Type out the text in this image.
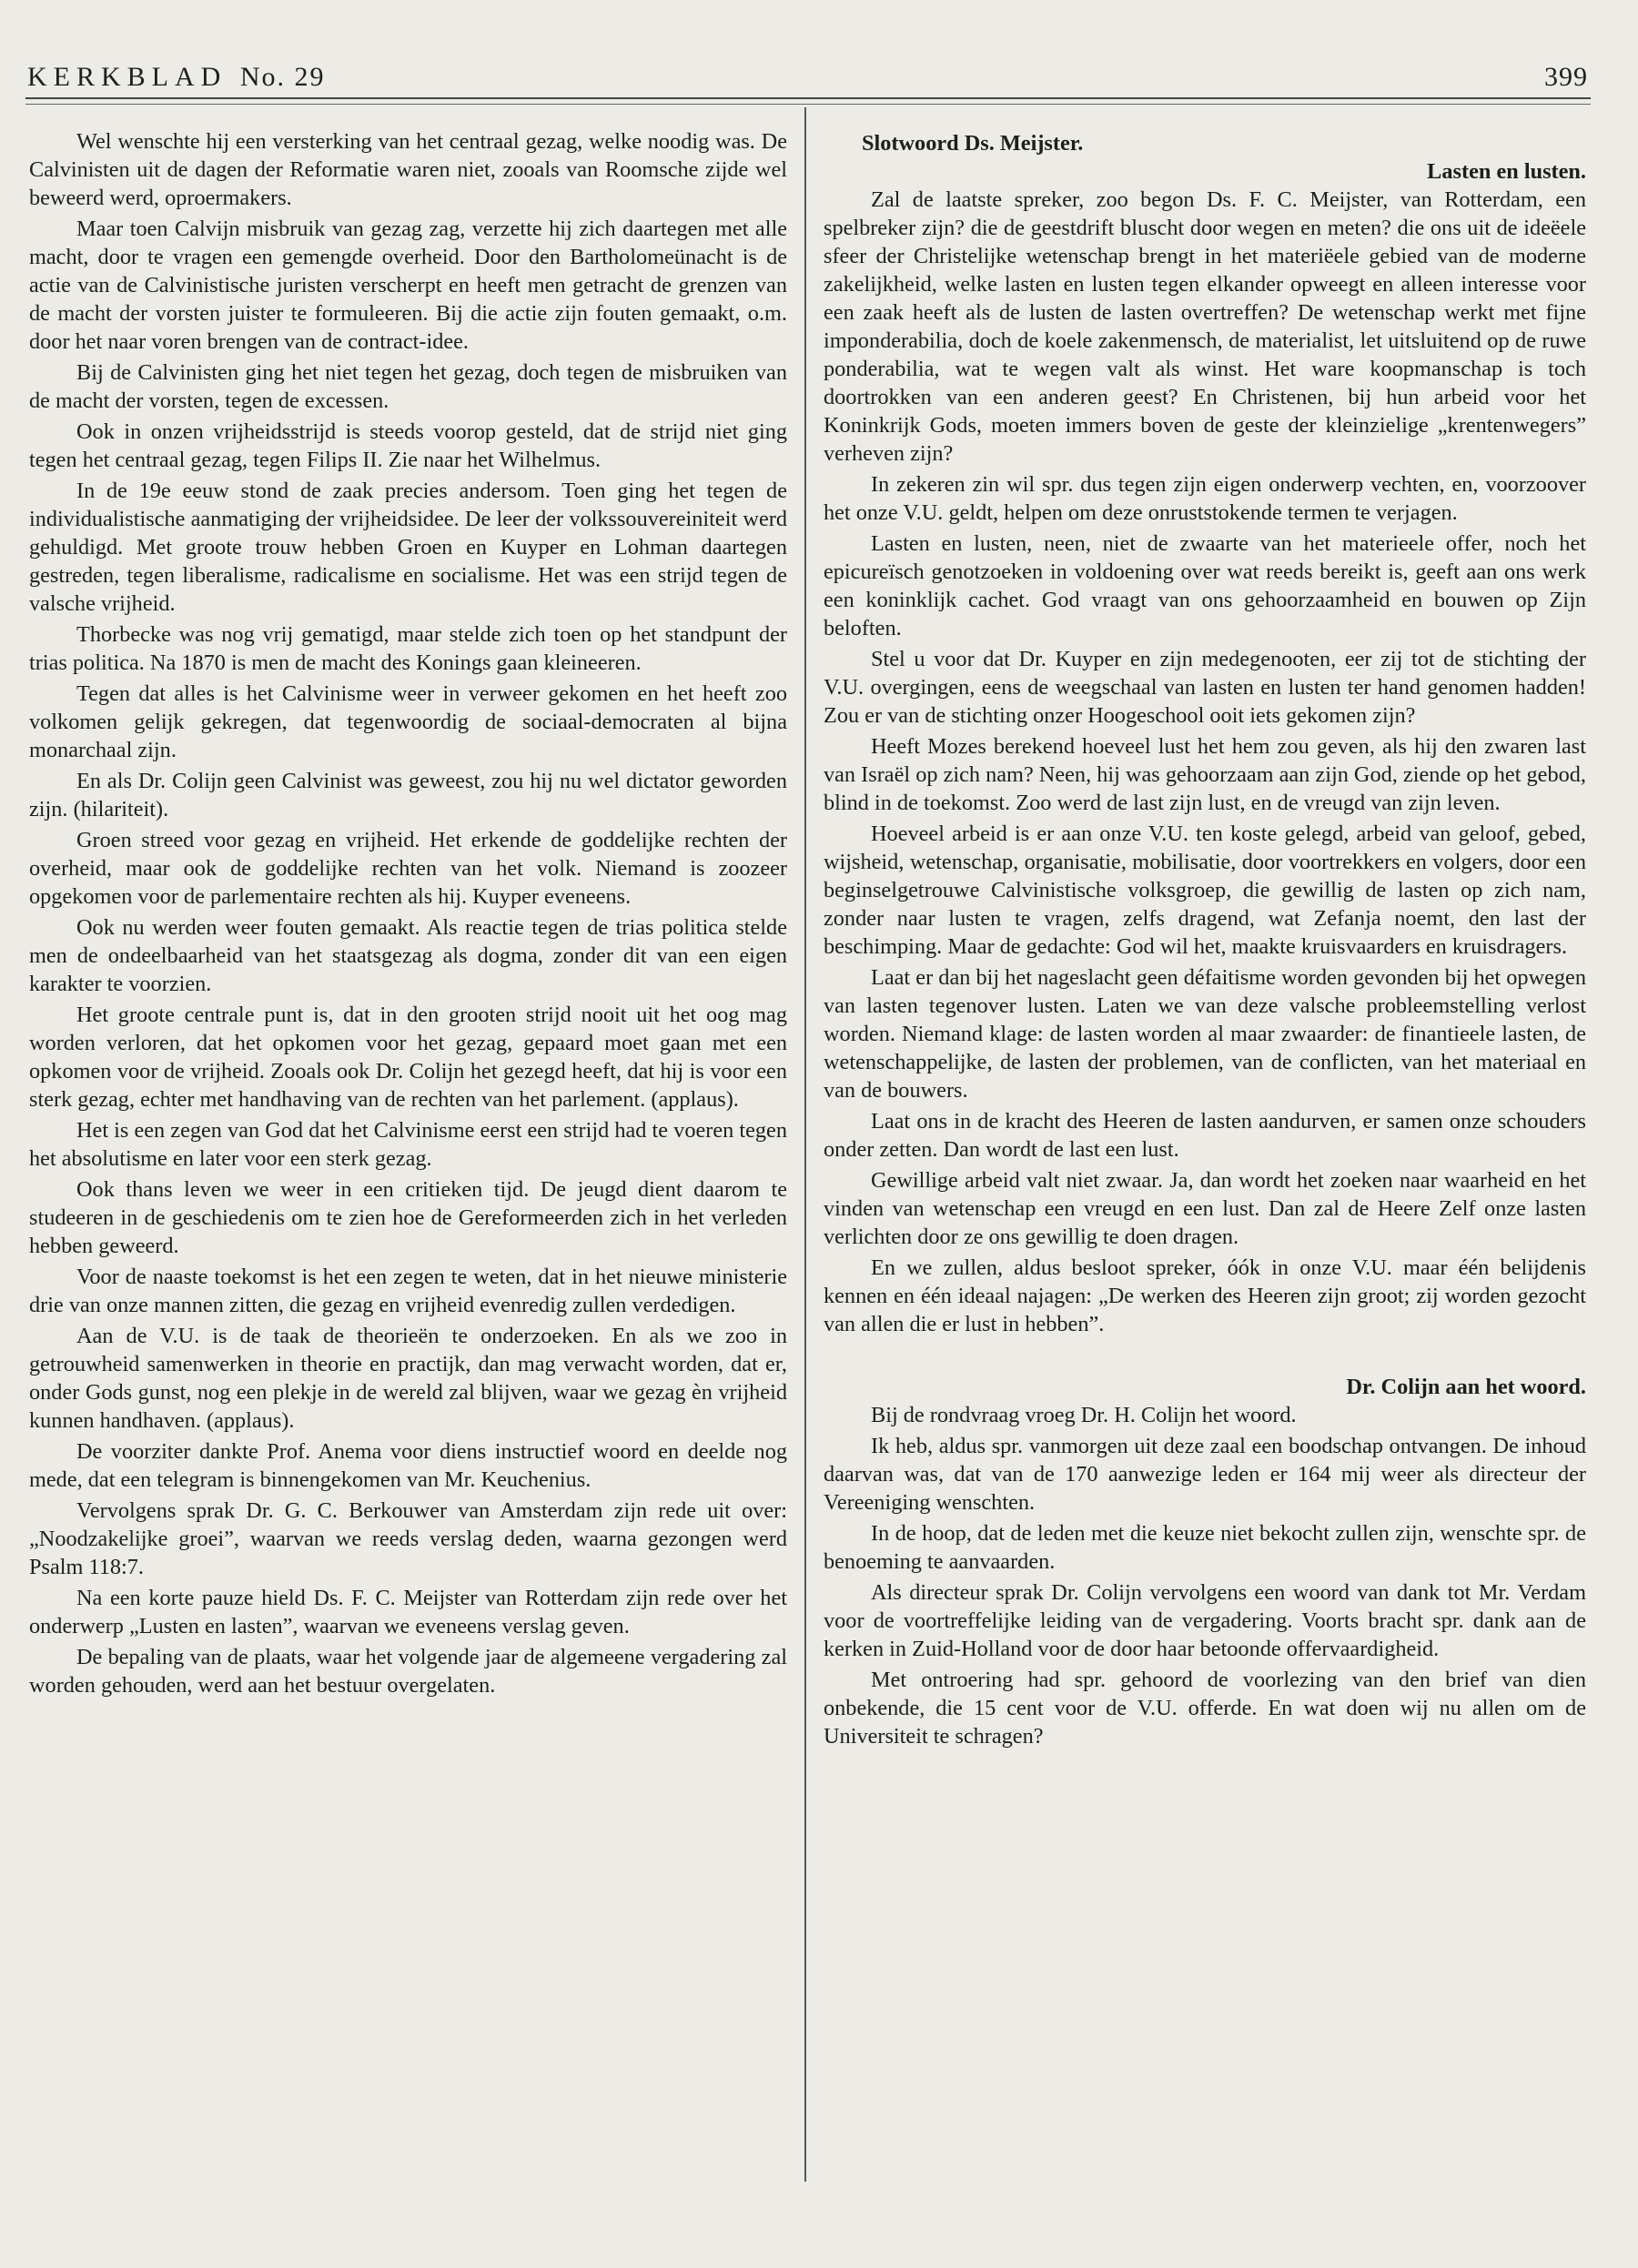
KERKBLAD No. 29	399

Wel wenschte hij een versterking van het centraal gezag, welke noodig was. De Calvinisten uit de dagen der Reformatie waren niet, zooals van Roomsche zijde wel beweerd werd, oproermakers.

Maar toen Calvijn misbruik van gezag zag, verzette hij zich daartegen met alle macht, door te vragen een gemengde overheid. Door den Bartholomeünacht is de actie van de Calvinistische juristen verscherpt en heeft men getracht de grenzen van de macht der vorsten juister te formuleeren. Bij die actie zijn fouten gemaakt, o.m. door het naar voren brengen van de contract-idee.

Bij de Calvinisten ging het niet tegen het gezag, doch tegen de misbruiken van de macht der vorsten, tegen de excessen.

Ook in onzen vrijheidsstrijd is steeds voorop gesteld, dat de strijd niet ging tegen het centraal gezag, tegen Filips II. Zie naar het Wilhelmus.

In de 19e eeuw stond de zaak precies andersom. Toen ging het tegen de individualistische aanmatiging der vrijheidsidee. De leer der volkssouvereiniteit werd gehuldigd. Met groote trouw hebben Groen en Kuyper en Lohman daartegen gestreden, tegen liberalisme, radicalisme en socialisme. Het was een strijd tegen de valsche vrijheid.

Thorbecke was nog vrij gematigd, maar stelde zich toen op het standpunt der trias politica. Na 1870 is men de macht des Konings gaan kleineeren.

Tegen dat alles is het Calvinisme weer in verweer gekomen en het heeft zoo volkomen gelijk gekregen, dat tegenwoordig de sociaal-democraten al bijna monarchaal zijn.

En als Dr. Colijn geen Calvinist was geweest, zou hij nu wel dictator geworden zijn. (hilariteit).

Groen streed voor gezag en vrijheid. Het erkende de goddelijke rechten der overheid, maar ook de goddelijke rechten van het volk. Niemand is zoozeer opgekomen voor de parlementaire rechten als hij. Kuyper eveneens.

Ook nu werden weer fouten gemaakt. Als reactie tegen de trias politica stelde men de ondeelbaarheid van het staatsgezag als dogma, zonder dit van een eigen karakter te voorzien.

Het groote centrale punt is, dat in den grooten strijd nooit uit het oog mag worden verloren, dat het opkomen voor het gezag, gepaard moet gaan met een opkomen voor de vrijheid. Zooals ook Dr. Colijn het gezegd heeft, dat hij is voor een sterk gezag, echter met handhaving van de rechten van het parlement. (applaus).

Het is een zegen van God dat het Calvinisme eerst een strijd had te voeren tegen het absolutisme en later voor een sterk gezag.

Ook thans leven we weer in een critieken tijd. De jeugd dient daarom te studeeren in de geschiedenis om te zien hoe de Gereformeerden zich in het verleden hebben geweerd.

Voor de naaste toekomst is het een zegen te weten, dat in het nieuwe ministerie drie van onze mannen zitten, die gezag en vrijheid evenredig zullen verdedigen.

Aan de V.U. is de taak de theorieën te onderzoeken. En als we zoo in getrouwheid samenwerken in theorie en practijk, dan mag verwacht worden, dat er, onder Gods gunst, nog een plekje in de wereld zal blijven, waar we gezag èn vrijheid kunnen handhaven. (applaus).

De voorziter dankte Prof. Anema voor diens instructief woord en deelde nog mede, dat een telegram is binnengekomen van Mr. Keuchenius.

Vervolgens sprak Dr. G. C. Berkouwer van Amsterdam zijn rede uit over: „Noodzakelijke groei”, waarvan we reeds verslag deden, waarna gezongen werd Psalm 118:7.

Na een korte pauze hield Ds. F. C. Meijster van Rotterdam zijn rede over het onderwerp „Lusten en lasten”, waarvan we eveneens verslag geven.

De bepaling van de plaats, waar het volgende jaar de algemeene vergadering zal worden gehouden, werd aan het bestuur overgelaten.

Slotwoord Ds. Meijster.
Lasten en lusten.

Zal de laatste spreker, zoo begon Ds. F. C. Meijster, van Rotterdam, een spelbreker zijn? die de geestdrift bluscht door wegen en meten? die ons uit de ideëele sfeer der Christelijke wetenschap brengt in het materiëele gebied van de moderne zakelijkheid, welke lasten en lusten tegen elkander opweegt en alleen interesse voor een zaak heeft als de lusten de lasten overtreffen? De wetenschap werkt met fijne imponderabilia, doch de koele zakenmensch, de materialist, let uitsluitend op de ruwe ponderabilia, wat te wegen valt als winst. Het ware koopmanschap is toch doortrokken van een anderen geest? En Christenen, bij hun arbeid voor het Koninkrijk Gods, moeten immers boven de geste der kleinzielige „krentenwegers” verheven zijn?

In zekeren zin wil spr. dus tegen zijn eigen onderwerp vechten, en, voorzoover het onze V.U. geldt, helpen om deze onruststokende termen te verjagen.

Lasten en lusten, neen, niet de zwaarte van het materieele offer, noch het epicureïsch genotzoeken in voldoening over wat reeds bereikt is, geeft aan ons werk een koninklijk cachet. God vraagt van ons gehoorzaamheid en bouwen op Zijn beloften.

Stel u voor dat Dr. Kuyper en zijn medegenooten, eer zij tot de stichting der V.U. overgingen, eens de weegschaal van lasten en lusten ter hand genomen hadden! Zou er van de stichting onzer Hoogeschool ooit iets gekomen zijn?

Heeft Mozes berekend hoeveel lust het hem zou geven, als hij den zwaren last van Israël op zich nam? Neen, hij was gehoorzaam aan zijn God, ziende op het gebod, blind in de toekomst. Zoo werd de last zijn lust, en de vreugd van zijn leven.

Hoeveel arbeid is er aan onze V.U. ten koste gelegd, arbeid van geloof, gebed, wijsheid, wetenschap, organisatie, mobilisatie, door voortrekkers en volgers, door een beginselgetrouwe Calvinistische volksgroep, die gewillig de lasten op zich nam, zonder naar lusten te vragen, zelfs dragend, wat Zefanja noemt, den last der beschimping. Maar de gedachte: God wil het, maakte kruisvaarders en kruisdragers.

Laat er dan bij het nageslacht geen défaitisme worden gevonden bij het opwegen van lasten tegenover lusten. Laten we van deze valsche probleemstelling verlost worden. Niemand klage: de lasten worden al maar zwaarder: de finantieele lasten, de wetenschappelijke, de lasten der problemen, van de conflicten, van het materiaal en van de bouwers.

Laat ons in de kracht des Heeren de lasten aandurven, er samen onze schouders onder zetten. Dan wordt de last een lust.

Gewillige arbeid valt niet zwaar. Ja, dan wordt het zoeken naar waarheid en het vinden van wetenschap een vreugd en een lust. Dan zal de Heere Zelf onze lasten verlichten door ze ons gewillig te doen dragen.

En we zullen, aldus besloot spreker, óók in onze V.U. maar één belijdenis kennen en één ideaal najagen: „De werken des Heeren zijn groot; zij worden gezocht van allen die er lust in hebben”.

Dr. Colijn aan het woord.

Bij de rondvraag vroeg Dr. H. Colijn het woord.

Ik heb, aldus spr. vanmorgen uit deze zaal een boodschap ontvangen. De inhoud daarvan was, dat van de 170 aanwezige leden er 164 mij weer als directeur der Vereeniging wenschten.

In de hoop, dat de leden met die keuze niet bekocht zullen zijn, wenschte spr. de benoeming te aanvaarden.

Als directeur sprak Dr. Colijn vervolgens een woord van dank tot Mr. Verdam voor de voortreffelijke leiding van de vergadering. Voorts bracht spr. dank aan de kerken in Zuid-Holland voor de door haar betoonde offervaardigheid.

Met ontroering had spr. gehoord de voorlezing van den brief van dien onbekende, die 15 cent voor de V.U. offerde. En wat doen wij nu allen om de Universiteit te schragen?
